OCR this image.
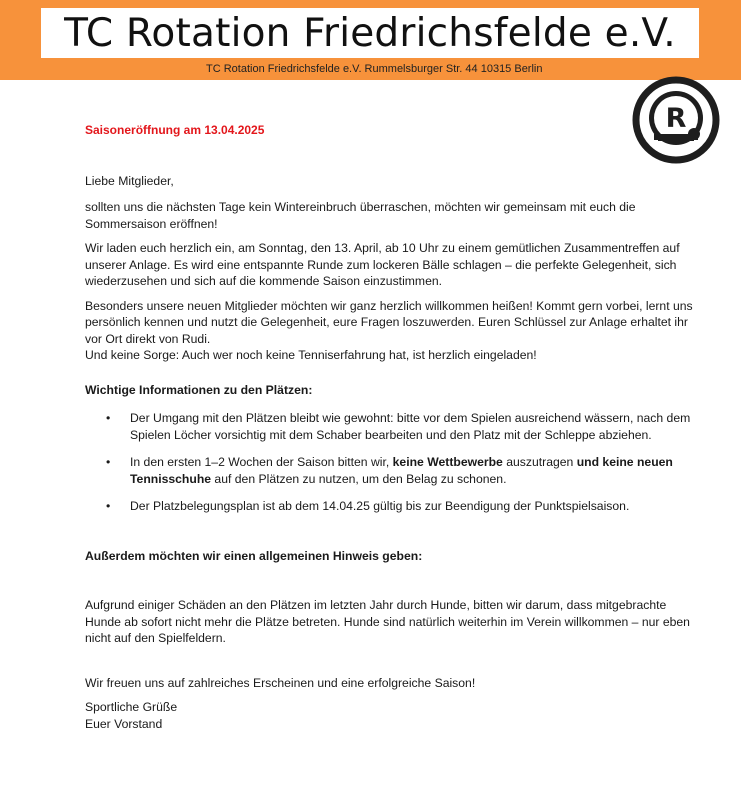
TC Rotation Friedrichsfelde e.V.
TC Rotation Friedrichsfelde e.V. Rummelsburger Str. 44 10315 Berlin
R
Saisoneröffnung am 13.04.2025

Liebe Mitglieder,

sollten uns die nächsten Tage kein Wintereinbruch überraschen, möchten wir gemeinsam mit euch die Sommersaison eröffnen!

Wir laden euch herzlich ein, am Sonntag, den 13. April, ab 10 Uhr zu einem gemütlichen Zusammentreffen auf unserer Anlage. Es wird eine entspannte Runde zum lockeren Bälle schlagen – die perfekte Gelegenheit, sich wiederzusehen und sich auf die kommende Saison einzustimmen.

Besonders unsere neuen Mitglieder möchten wir ganz herzlich willkommen heißen! Kommt gern vorbei, lernt uns persönlich kennen und nutzt die Gelegenheit, eure Fragen loszuwerden. Euren Schlüssel zur Anlage erhaltet ihr vor Ort direkt von Rudi.
Und keine Sorge: Auch wer noch keine Tenniserfahrung hat, ist herzlich eingeladen!

Wichtige Informationen zu den Plätzen:
• Der Umgang mit den Plätzen bleibt wie gewohnt: bitte vor dem Spielen ausreichend wässern, nach dem Spielen Löcher vorsichtig mit dem Schaber bearbeiten und den Platz mit der Schleppe abziehen.
• In den ersten 1–2 Wochen der Saison bitten wir, keine Wettbewerbe auszutragen und keine neuen Tennisschuhe auf den Plätzen zu nutzen, um den Belag zu schonen.
• Der Platzbelegungsplan ist ab dem 14.04.25 gültig bis zur Beendigung der Punktspielsaison.
Außerdem möchten wir einen allgemeinen Hinweis geben:

Aufgrund einiger Schäden an den Plätzen im letzten Jahr durch Hunde, bitten wir darum, dass mitgebrachte Hunde ab sofort nicht mehr die Plätze betreten. Hunde sind natürlich weiterhin im Verein willkommen – nur eben nicht auf den Spielfeldern.

Wir freuen uns auf zahlreiches Erscheinen und eine erfolgreiche Saison!

Sportliche Grüße
Euer Vorstand
